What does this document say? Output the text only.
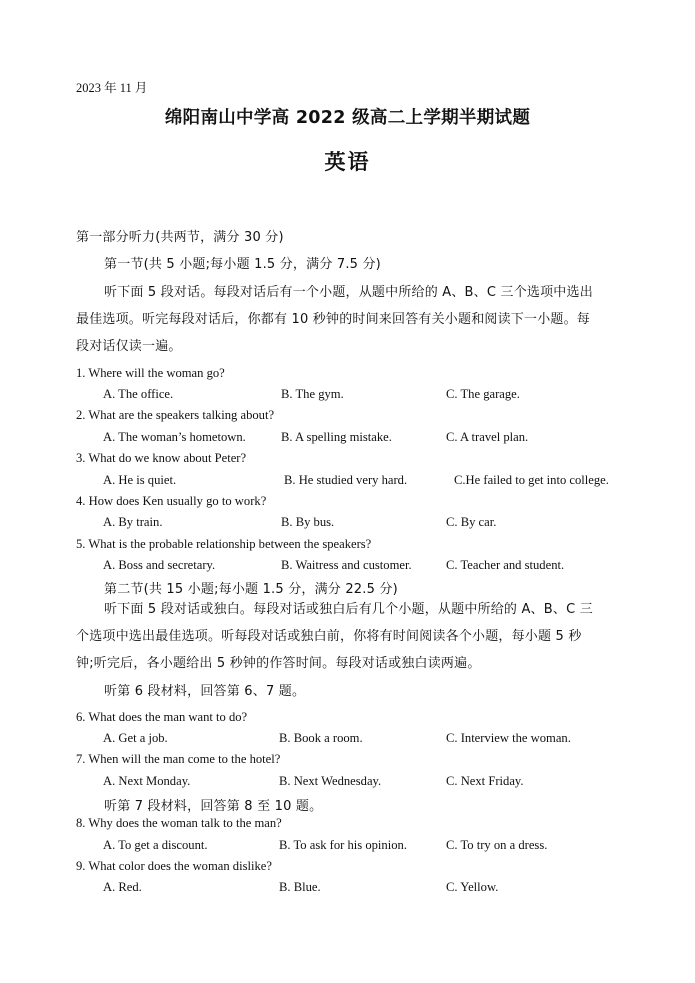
2023 年 11 月
绵阳南山中学高 2022 级高二上学期半期试题
英语
第一部分听力(共两节，满分 30 分)
第一节(共 5 小题;每小题 1.5 分，满分 7.5 分)
听下面 5 段对话。每段对话后有一个小题，从题中所给的 A、B、C 三个选项中选出
最佳选项。听完每段对话后，你都有 10 秒钟的时间来回答有关小题和阅读下一小题。每
段对话仅读一遍。
1. Where will the woman go?
A. The office.	B. The gym.	C. The garage.
2. What are the speakers talking about?
A. The woman’s hometown.	B. A spelling mistake.	C. A travel plan.
3. What do we know about Peter?
A. He is quiet.	B. He studied very hard.	C.He failed to get into college.
4. How does Ken usually go to work?
A. By train.	B. By bus.	C. By car.
5. What is the probable relationship between the speakers?
A. Boss and secretary.	B. Waitress and customer.	C. Teacher and student.
第二节(共 15 小题;每小题 1.5 分，满分 22.5 分)
听下面 5 段对话或独白。每段对话或独白后有几个小题，从题中所给的 A、B、C 三
个选项中选出最佳选项。听每段对话或独白前，你将有时间阅读各个小题，每小题 5 秒
钟;听完后，各小题给出 5 秒钟的作答时间。每段对话或独白读两遍。
听第 6 段材料，回答第 6、7 题。
6. What does the man want to do?
A. Get a job.	B. Book a room.	C. Interview the woman.
7. When will the man come to the hotel?
A. Next Monday.	B. Next Wednesday.	C. Next Friday.
听第 7 段材料，回答第 8 至 10 题。
8. Why does the woman talk to the man?
A. To get a discount.	B. To ask for his opinion.	C. To try on a dress.
9. What color does the woman dislike?
A. Red.	B. Blue.	C. Yellow.
